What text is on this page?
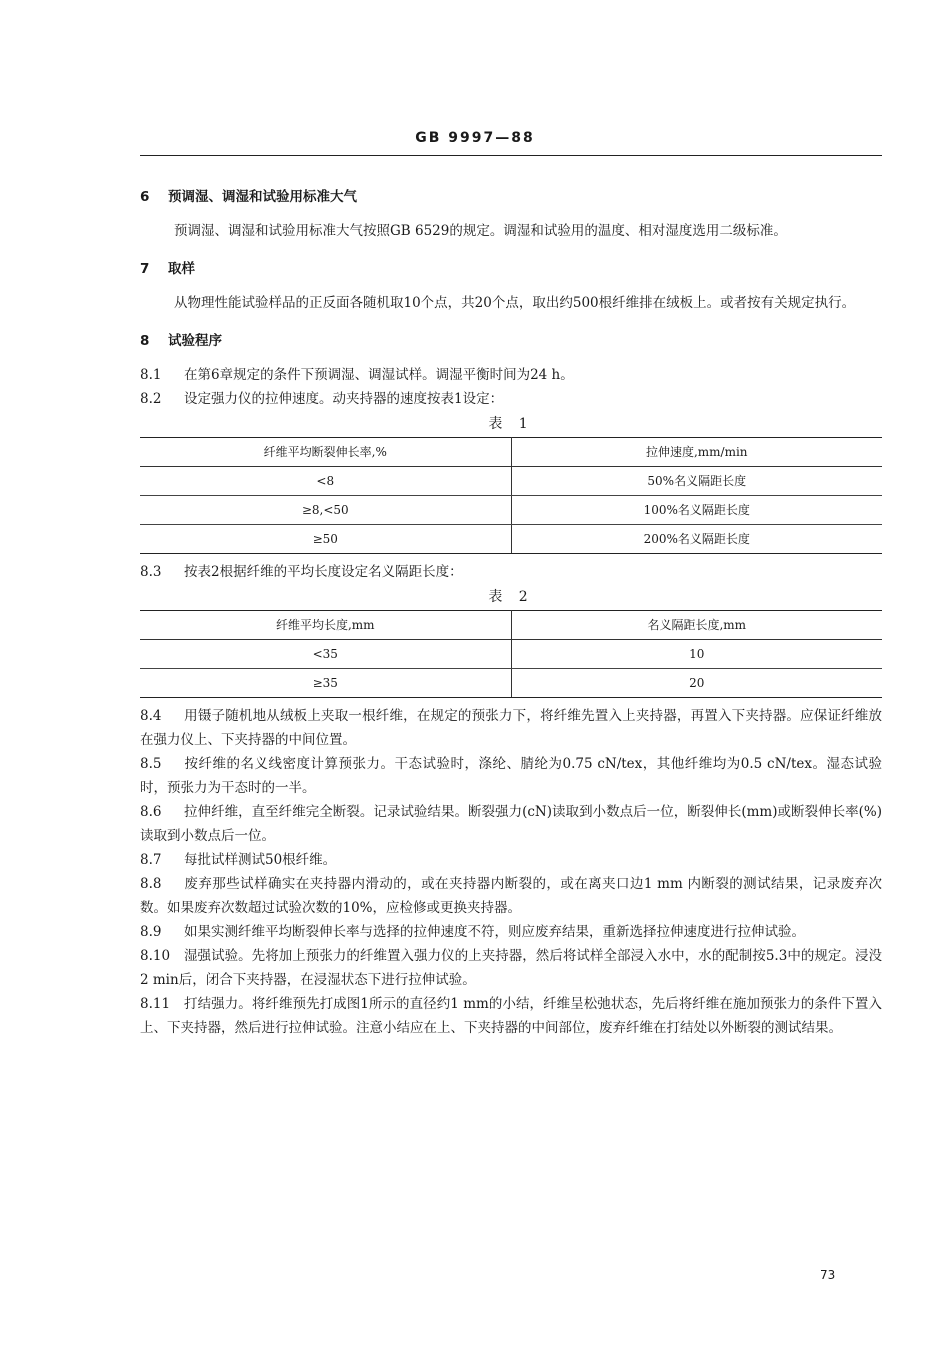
GB 9997—88
6 预调湿、调湿和试验用标准大气

预调湿、调湿和试验用标准大气按照GB 6529的规定。调湿和试验用的温度、相对湿度选用二级标准。

7 取样

从物理性能试验样品的正反面各随机取10个点，共20个点，取出约500根纤维排在绒板上。或者按有关规定执行。

8 试验程序

8.1 在第6章规定的条件下预调湿、调湿试样。调湿平衡时间为24 h。

8.2 设定强力仪的拉伸速度。动夹持器的速度按表1设定：

表 1
纤维平均断裂伸长率,%	拉伸速度,mm/min
<8	50%名义隔距长度
≥8,<50	100%名义隔距长度
≥50	200%名义隔距长度

8.3 按表2根据纤维的平均长度设定名义隔距长度：

表 2
纤维平均长度,mm	名义隔距长度,mm
<35	10
≥35	20

8.4 用镊子随机地从绒板上夹取一根纤维，在规定的预张力下，将纤维先置入上夹持器，再置入下夹持器。应保证纤维放在强力仪上、下夹持器的中间位置。

8.5 按纤维的名义线密度计算预张力。干态试验时，涤纶、腈纶为0.75 cN/tex，其他纤维均为0.5 cN/tex。湿态试验时，预张力为干态时的一半。

8.6 拉伸纤维，直至纤维完全断裂。记录试验结果。断裂强力(cN)读取到小数点后一位，断裂伸长(mm)或断裂伸长率(%)读取到小数点后一位。

8.7 每批试样测试50根纤维。

8.8 废弃那些试样确实在夹持器内滑动的，或在夹持器内断裂的，或在离夹口边1 mm 内断裂的测试结果，记录废弃次数。如果废弃次数超过试验次数的10%，应检修或更换夹持器。

8.9 如果实测纤维平均断裂伸长率与选择的拉伸速度不符，则应废弃结果，重新选择拉伸速度进行拉伸试验。

8.10 湿强试验。先将加上预张力的纤维置入强力仪的上夹持器，然后将试样全部浸入水中，水的配制按5.3中的规定。浸没2 min后，闭合下夹持器，在浸湿状态下进行拉伸试验。

8.11 打结强力。将纤维预先打成图1所示的直径约1 mm的小结，纤维呈松弛状态，先后将纤维在施加预张力的条件下置入上、下夹持器，然后进行拉伸试验。注意小结应在上、下夹持器的中间部位，废弃纤维在打结处以外断裂的测试结果。

73
